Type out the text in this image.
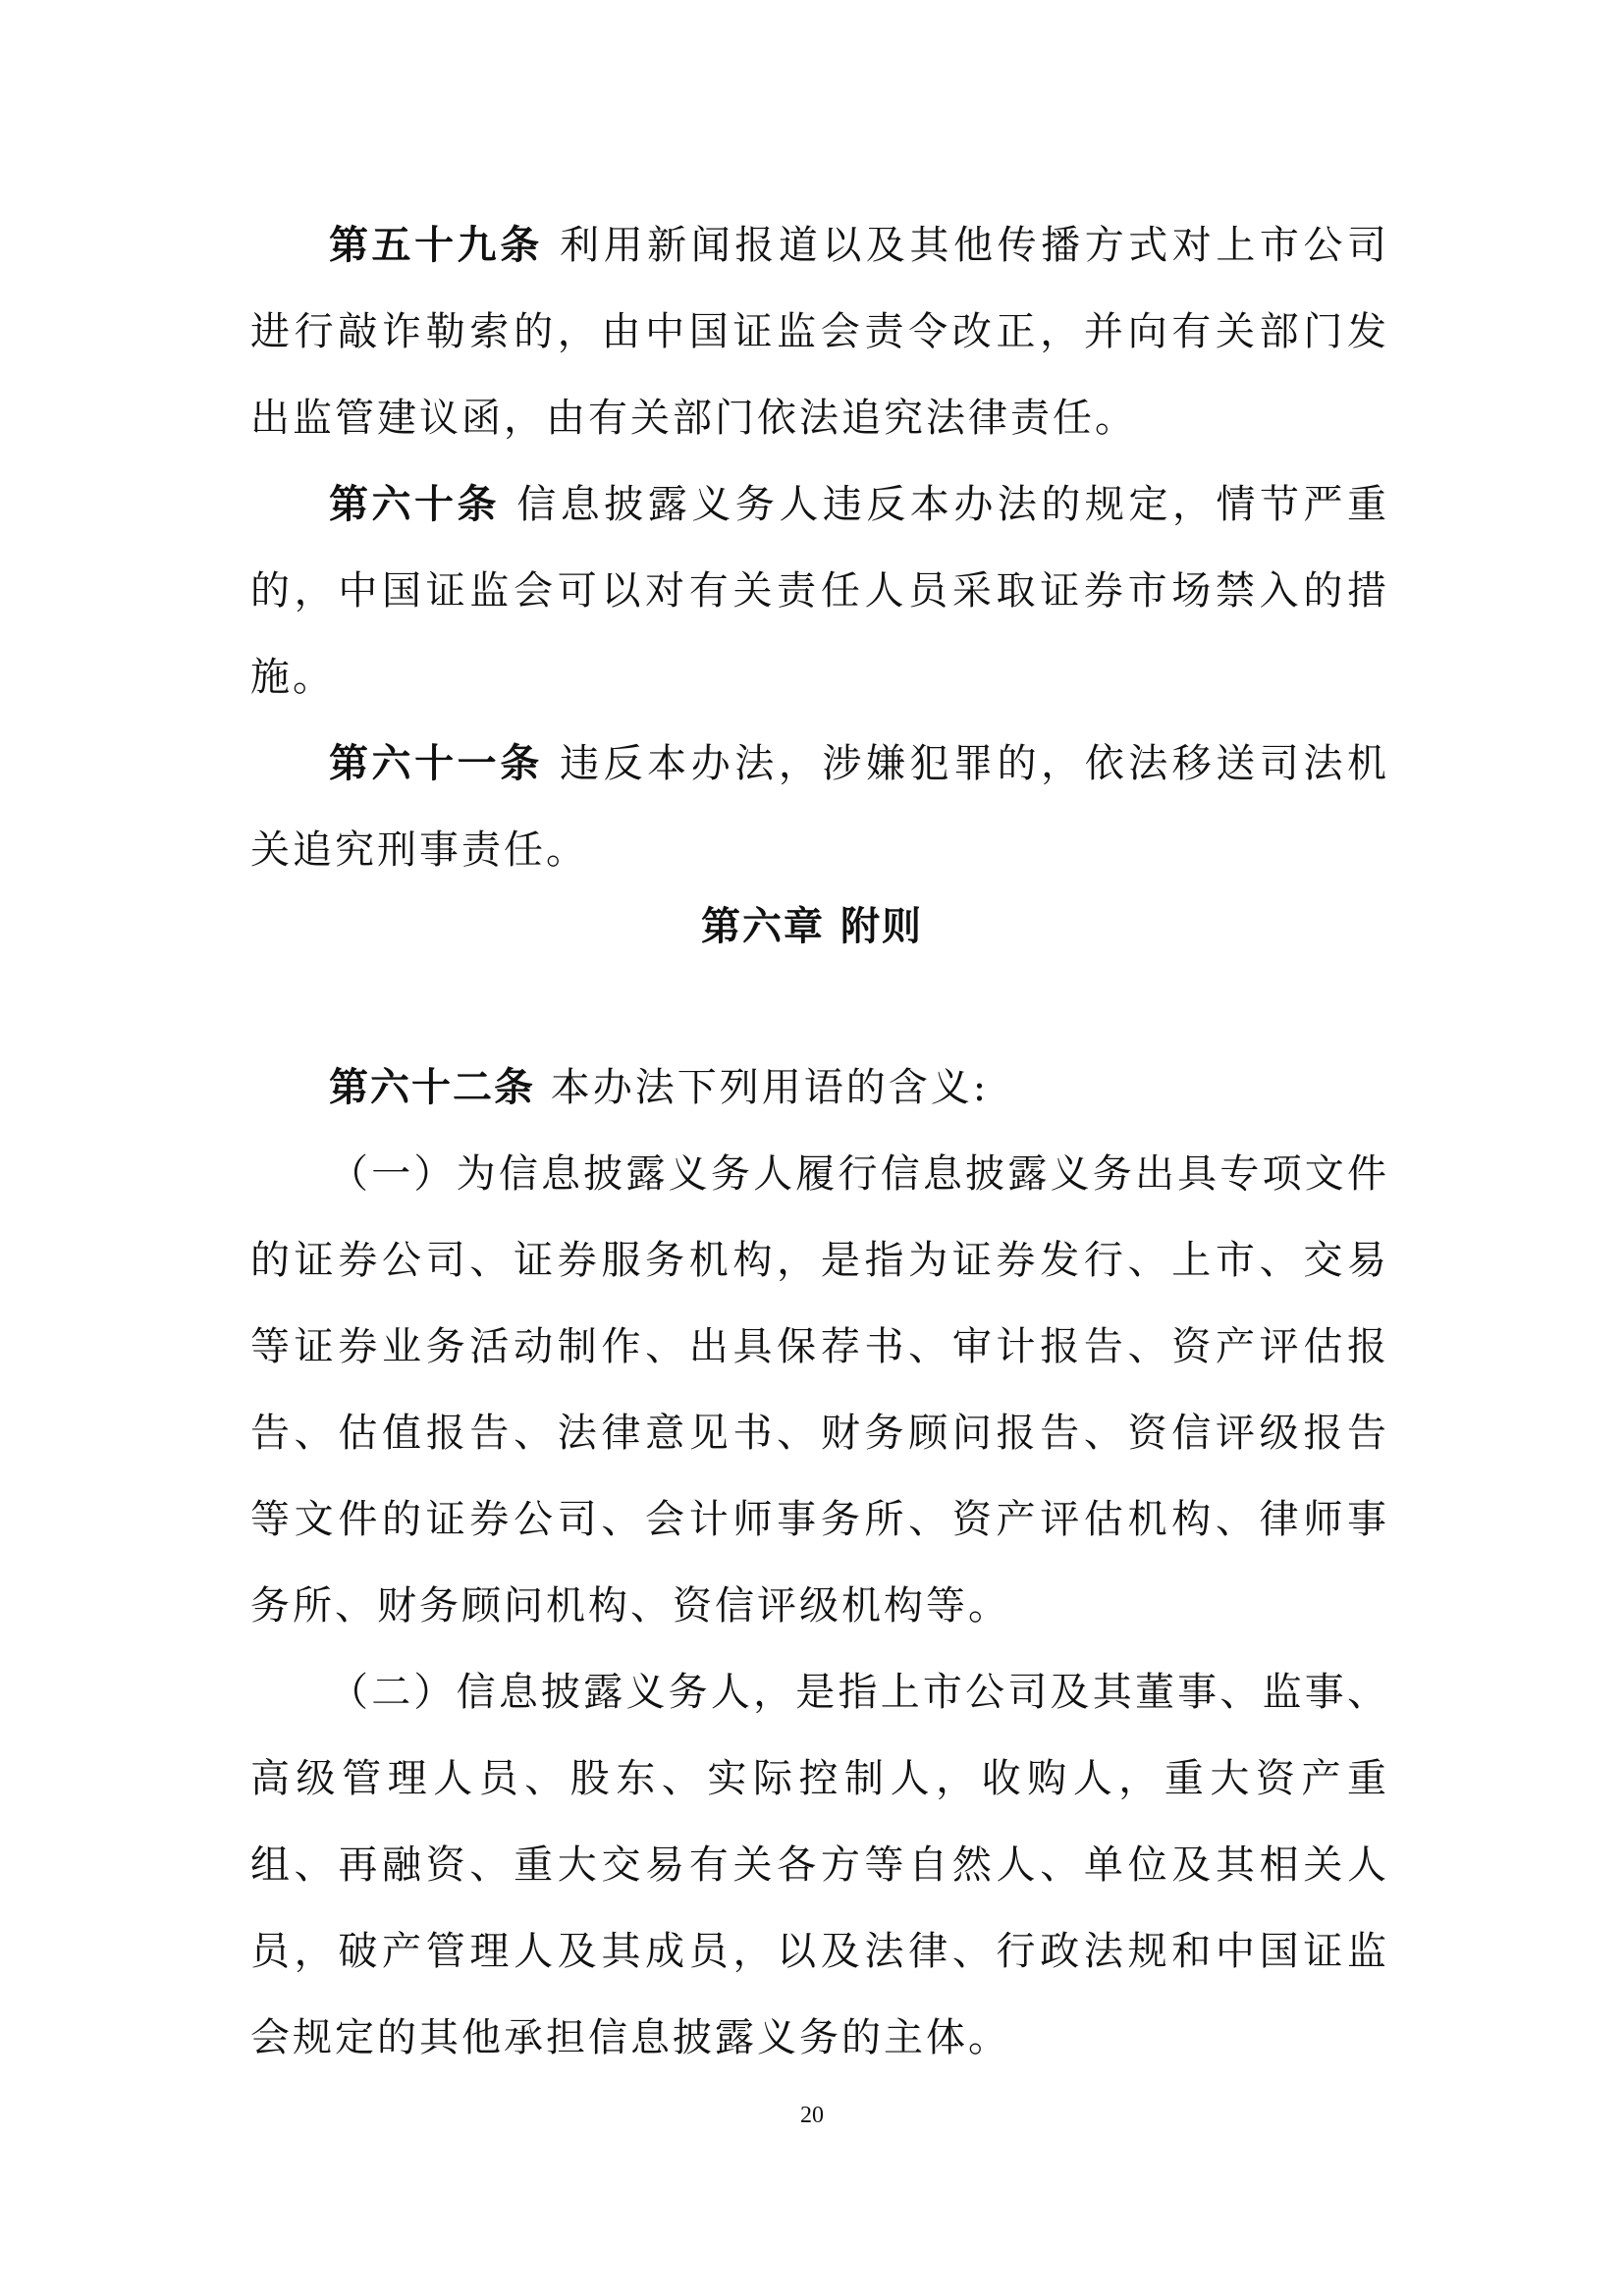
第五十九条 利用新闻报道以及其他传播方式对上市公司进行敲诈勒索的，由中国证监会责令改正，并向有关部门发出监管建议函，由有关部门依法追究法律责任。

第六十条 信息披露义务人违反本办法的规定，情节严重的，中国证监会可以对有关责任人员采取证券市场禁入的措施。

第六十一条 违反本办法，涉嫌犯罪的，依法移送司法机关追究刑事责任。

第六章 附则

第六十二条 本办法下列用语的含义:

（一）为信息披露义务人履行信息披露义务出具专项文件的证券公司、证券服务机构，是指为证券发行、上市、交易等证券业务活动制作、出具保荐书、审计报告、资产评估报告、估值报告、法律意见书、财务顾问报告、资信评级报告等文件的证券公司、会计师事务所、资产评估机构、律师事务所、财务顾问机构、资信评级机构等。

（二）信息披露义务人，是指上市公司及其董事、监事、高级管理人员、股东、实际控制人，收购人，重大资产重组、再融资、重大交易有关各方等自然人、单位及其相关人员，破产管理人及其成员，以及法律、行政法规和中国证监会规定的其他承担信息披露义务的主体。

20
